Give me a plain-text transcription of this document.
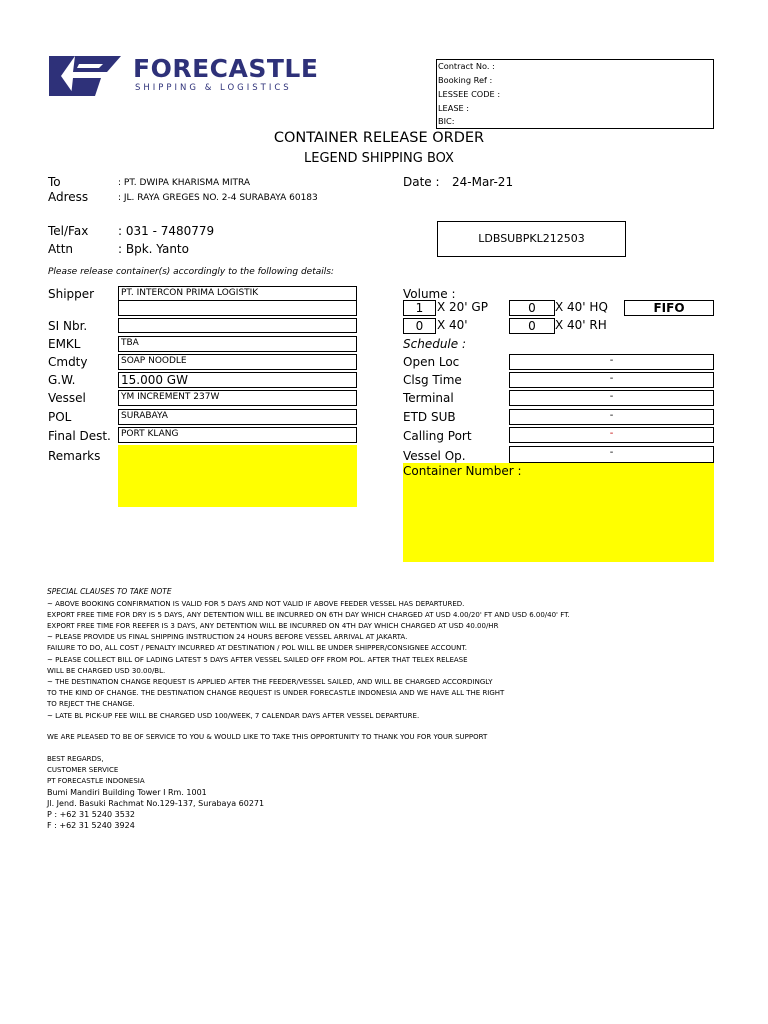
FORECASTLE
SHIPPING & LOGISTICS
Contract No. :
Booking Ref :
LESSEE CODE :
LEASE :
BIC:
CONTAINER RELEASE ORDER
LEGEND SHIPPING BOX
To	: PT. DWIPA KHARISMA MITRA
Adress	: JL. RAYA GREGES NO. 2-4 SURABAYA 60183
Date : 24-Mar-21
Tel/Fax : 031 - 7480779
Attn	: Bpk. Yanto
LDBSUBPKL212503
Please release container(s) accordingly to the following details:
Shipper	PT. INTERCON PRIMA LOGISTIK
SI Nbr.
EMKL	TBA
Cmdty	SOAP NOODLE
G.W.	15.000 GW
Vessel	YM INCREMENT 237W
POL	SURABAYA
Final Dest. PORT KLANG
Remarks
Volume :
1	X 20' GP	0	X 40' HQ	FIFO
0	X 40'	0	X 40' RH
Schedule :
Open Loc	-
Clsg Time	-
Terminal	-
ETD SUB	-
Calling Port	-
Vessel Op.	-
Container Number :
SPECIAL CLAUSES TO TAKE NOTE
~ ABOVE BOOKING CONFIRMATION IS VALID FOR 5 DAYS AND NOT VALID IF ABOVE FEEDER VESSEL HAS DEPARTURED.
EXPORT FREE TIME FOR DRY IS 5 DAYS, ANY DETENTION WILL BE INCURRED ON 6TH DAY WHICH CHARGED AT USD 4.00/20' FT AND USD 6.00/40' FT.
EXPORT FREE TIME FOR REEFER IS 3 DAYS, ANY DETENTION WILL BE INCURRED ON 4TH DAY WHICH CHARGED AT USD 40.00/HR
~ PLEASE PROVIDE US FINAL SHIPPING INSTRUCTION 24 HOURS BEFORE VESSEL ARRIVAL AT JAKARTA.
FAILURE TO DO, ALL COST / PENALTY INCURRED AT DESTINATION / POL WILL BE UNDER SHIPPER/CONSIGNEE ACCOUNT.
~ PLEASE COLLECT BILL OF LADING LATEST 5 DAYS AFTER VESSEL SAILED OFF FROM POL. AFTER THAT TELEX RELEASE
WILL BE CHARGED USD 30.00/BL.
~ THE DESTINATION CHANGE REQUEST IS APPLIED AFTER THE FEEDER/VESSEL SAILED, AND WILL BE CHARGED ACCORDINGLY
TO THE KIND OF CHANGE. THE DESTINATION CHANGE REQUEST IS UNDER FORECASTLE INDONESIA AND WE HAVE ALL THE RIGHT
TO REJECT THE CHANGE.
~ LATE BL PICK-UP FEE WILL BE CHARGED USD 100/WEEK, 7 CALENDAR DAYS AFTER VESSEL DEPARTURE.
WE ARE PLEASED TO BE OF SERVICE TO YOU & WOULD LIKE TO TAKE THIS OPPORTUNITY TO THANK YOU FOR YOUR SUPPORT
BEST REGARDS,
CUSTOMER SERVICE
PT FORECASTLE INDONESIA
Bumi Mandiri Building Tower I Rm. 1001
Jl. Jend. Basuki Rachmat No.129-137, Surabaya 60271
P : +62 31 5240 3532
F : +62 31 5240 3924
